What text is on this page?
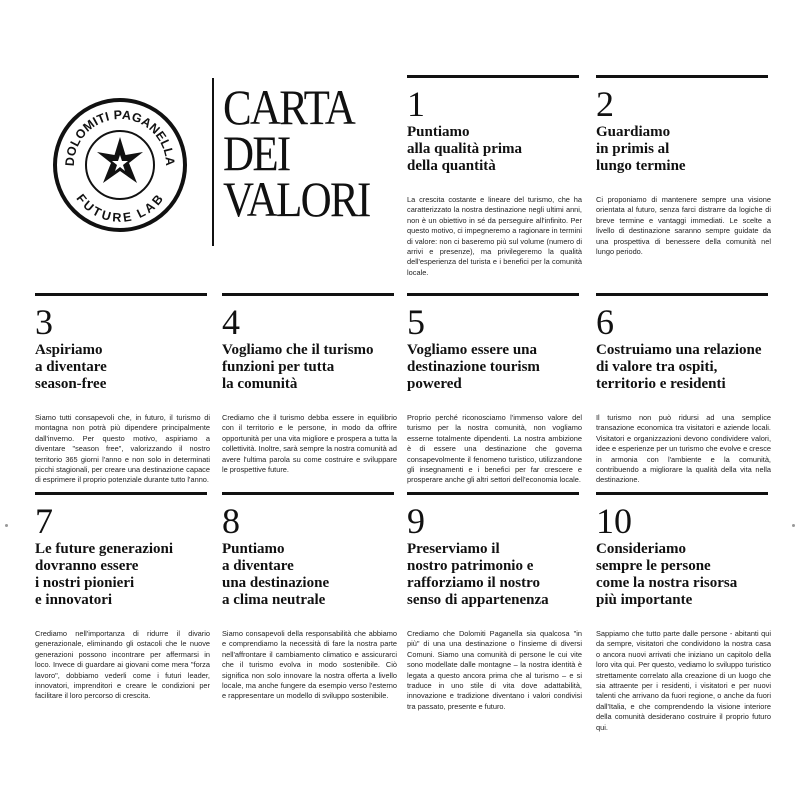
DOLOMITI PAGANELLA
FUTURE LAB
CARTA
DEI
VALORI
1
Puntiamo
alla qualità prima
della quantità
La crescita costante e lineare del turismo, che ha caratterizzato la nostra destinazione negli ultimi anni, non è un obiettivo in sé da perseguire all'infinito. Per questo motivo, ci impegneremo a ragionare in termini di valore: non ci baseremo più sul volume (numero di arrivi e presenze), ma privilegeremo la qualità dell'esperienza del turista e i benefici per la comunità locale.
2
Guardiamo
in primis al
lungo termine
Ci proponiamo di mantenere sempre una visione orientata al futuro, senza farci distrarre da logiche di breve termine e vantaggi immediati. Le scelte a livello di destinazione saranno sempre guidate da una prospettiva di benessere della comunità nel lungo periodo.
3
Aspiriamo
a diventare
season-free
Siamo tutti consapevoli che, in futuro, il turismo di montagna non potrà più dipendere principalmente dall'inverno. Per questo motivo, aspiriamo a diventare "season free", valorizzando il nostro territorio 365 giorni l'anno e non solo in determinati picchi stagionali, per creare una destinazione capace di esprimere il proprio potenziale durante tutto l'anno.
4
Vogliamo che il turismo
funzioni per tutta
la comunità
Crediamo che il turismo debba essere in equilibrio con il territorio e le persone, in modo da offrire opportunità per una vita migliore e prospera a tutta la collettività. Inoltre, sarà sempre la nostra comunità ad avere l'ultima parola su come costruire e sviluppare le prospettive future.
5
Vogliamo essere una
destinazione tourism
powered
Proprio perché riconosciamo l'immenso valore del turismo per la nostra comunità, non vogliamo esserne totalmente dipendenti. La nostra ambizione è di essere una destinazione che governa consapevolmente il fenomeno turistico, utilizzandone gli insegnamenti e i benefici per far crescere e prosperare anche gli altri settori dell'economia locale.
6
Costruiamo una relazione
di valore tra ospiti,
territorio e residenti
Il turismo non può ridursi ad una semplice transazione economica tra visitatori e aziende locali. Visitatori e organizzazioni devono condividere valori, idee e esperienze per un turismo che evolve e cresce in armonia con l'ambiente e la comunità, contribuendo a migliorare la qualità della vita nella destinazione.
7
Le future generazioni
dovranno essere
i nostri pionieri
e innovatori
Crediamo nell'importanza di ridurre il divario generazionale, eliminando gli ostacoli che le nuove generazioni possono incontrare per affermarsi in loco. Invece di guardare ai giovani come mera "forza lavoro", dobbiamo vederli come i futuri leader, innovatori, imprenditori e creare le condizioni per facilitare il loro percorso di crescita.
8
Puntiamo
a diventare
una destinazione
a clima neutrale
Siamo consapevoli della responsabilità che abbiamo e comprendiamo la necessità di fare la nostra parte nell'affrontare il cambiamento climatico e assicurarci che il turismo evolva in modo sostenibile. Ciò significa non solo innovare la nostra offerta a livello locale, ma anche fungere da esempio verso l'esterno e rappresentare un modello di sviluppo sostenibile.
9
Preserviamo il
nostro patrimonio e
rafforziamo il nostro
senso di appartenenza
Crediamo che Dolomiti Paganella sia qualcosa "in più" di una una destinazione o l'insieme di diversi Comuni. Siamo una comunità di persone le cui vite sono modellate dalle montagne – la nostra identità è legata a questo ancora prima che al turismo – e si traduce in uno stile di vita dove adattabilità, innovazione e tradizione diventano i valori condivisi tra passato, presente e futuro.
10
Consideriamo
sempre le persone
come la nostra risorsa
più importante
Sappiamo che tutto parte dalle persone - abitanti qui da sempre, visitatori che condividono la nostra casa o ancora nuovi arrivati che iniziano un capitolo della loro vita qui. Per questo, vediamo lo sviluppo turistico strettamente correlato alla creazione di un luogo che sia attraente per i residenti, i visitatori e per nuovi talenti che arrivano da fuori regione, o anche da fuori dall'Italia, e che comprendendo la visione interiore della comunità desiderano costruire il proprio futuro qui.
